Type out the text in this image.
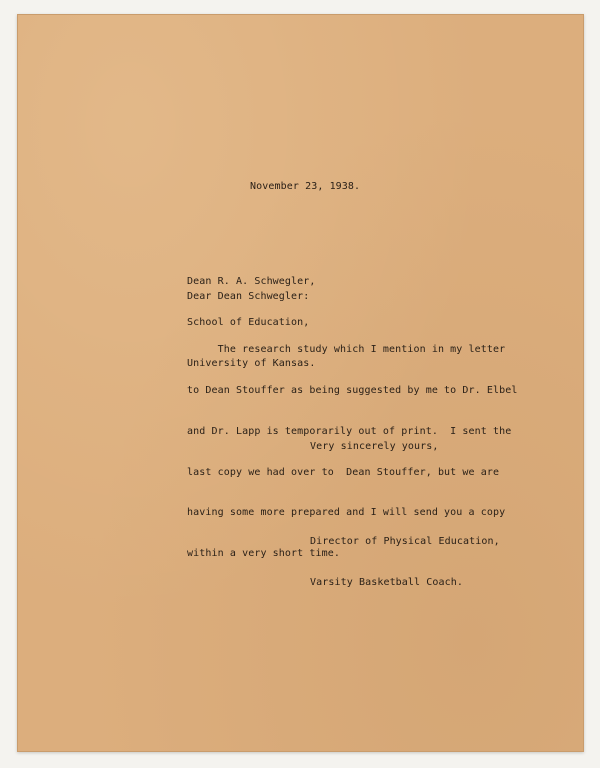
November 23, 1938.

Dean R. A. Schwegler,

School of Education,

University of Kansas.

Dear Dean Schwegler:

The research study which I mention in my letter

to Dean Stouffer as being suggested by me to Dr. Elbel

and Dr. Lapp is temporarily out of print.  I sent the

last copy we had over to  Dean Stouffer, but we are

having some more prepared and I will send you a copy

within a very short time.

Very sincerely yours,

Director of Physical Education,

Varsity Basketball Coach.
